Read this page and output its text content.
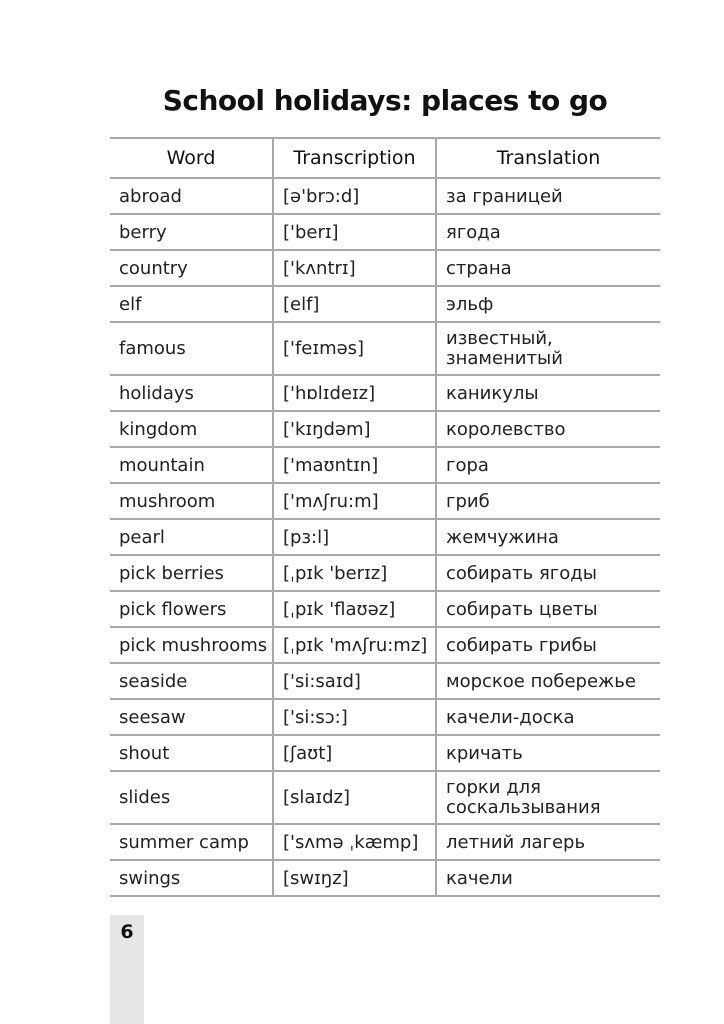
School holidays: places to go
Word	Transcription	Translation
abroad	[ə'brɔ:d]	за границей
berry	['berɪ]	ягода
country	['kʌntrɪ]	страна
elf	[elf]	эльф
famous	['feɪməs]	известный, знаменитый
holidays	['hɒlɪdeɪz]	каникулы
kingdom	['kɪŋdəm]	королевство
mountain	['maʊntɪn]	гора
mushroom	['mʌʃru:m]	гриб
pearl	[pɜ:l]	жемчужина
pick berries	[ˌpɪk 'berɪz]	собирать ягоды
pick flowers	[ˌpɪk 'flaʊəz]	собирать цветы
pick mushrooms	[ˌpɪk 'mʌʃru:mz]	собирать грибы
seaside	['si:saɪd]	морское побережье
seesaw	['si:sɔ:]	качели-доска
shout	[ʃaʊt]	кричать
slides	[slaɪdz]	горки для соскальзывания
summer camp	['sʌmə ˌkæmp]	летний лагерь
swings	[swɪŋz]	качели
6
